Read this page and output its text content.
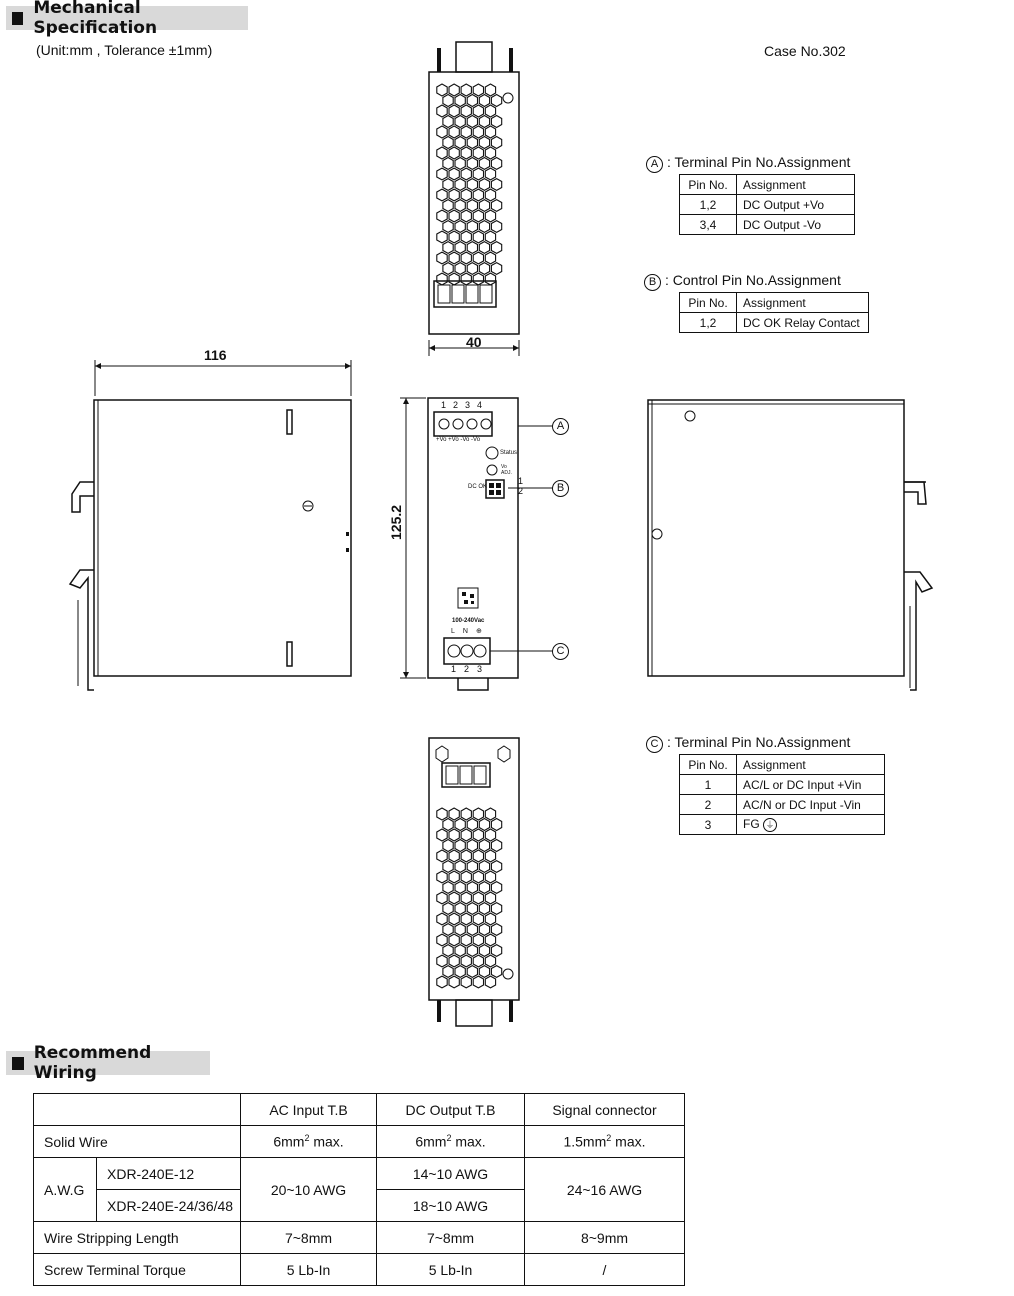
Mechanical Specification
(Unit:mm , Tolerance ±1mm)	Case No.302
40
A : Terminal Pin No.Assignment
Pin No.	Assignment
1,2	DC Output +Vo
3,4	DC Output -Vo
B : Control Pin No.Assignment
Pin No.	Assignment
1,2	DC OK Relay Contact
116
125.2
1234
+Vo +Vo -Vo -Vo
Status
Vo ADJ.
DC OK
1
2
100-240Vac
LN⊕
123
A
B
C
C : Terminal Pin No.Assignment
Pin No.	Assignment
1	AC/L or DC Input +Vin
2	AC/N or DC Input -Vin
3	FG ⏚
Recommend Wiring
		AC Input T.B	DC Output T.B	Signal connector
Solid Wire		$6mm^2$ max.	$6mm^2$ max.	$1.5mm^2$ max.
A.W.G	XDR-240E-12	20~10 AWG	14~10 AWG	24~16 AWG
	XDR-240E-24/36/48		18~10 AWG	
Wire Stripping Length		7~8mm	7~8mm	8~9mm
Screw Terminal Torque		5 Lb-In	5 Lb-In	/
